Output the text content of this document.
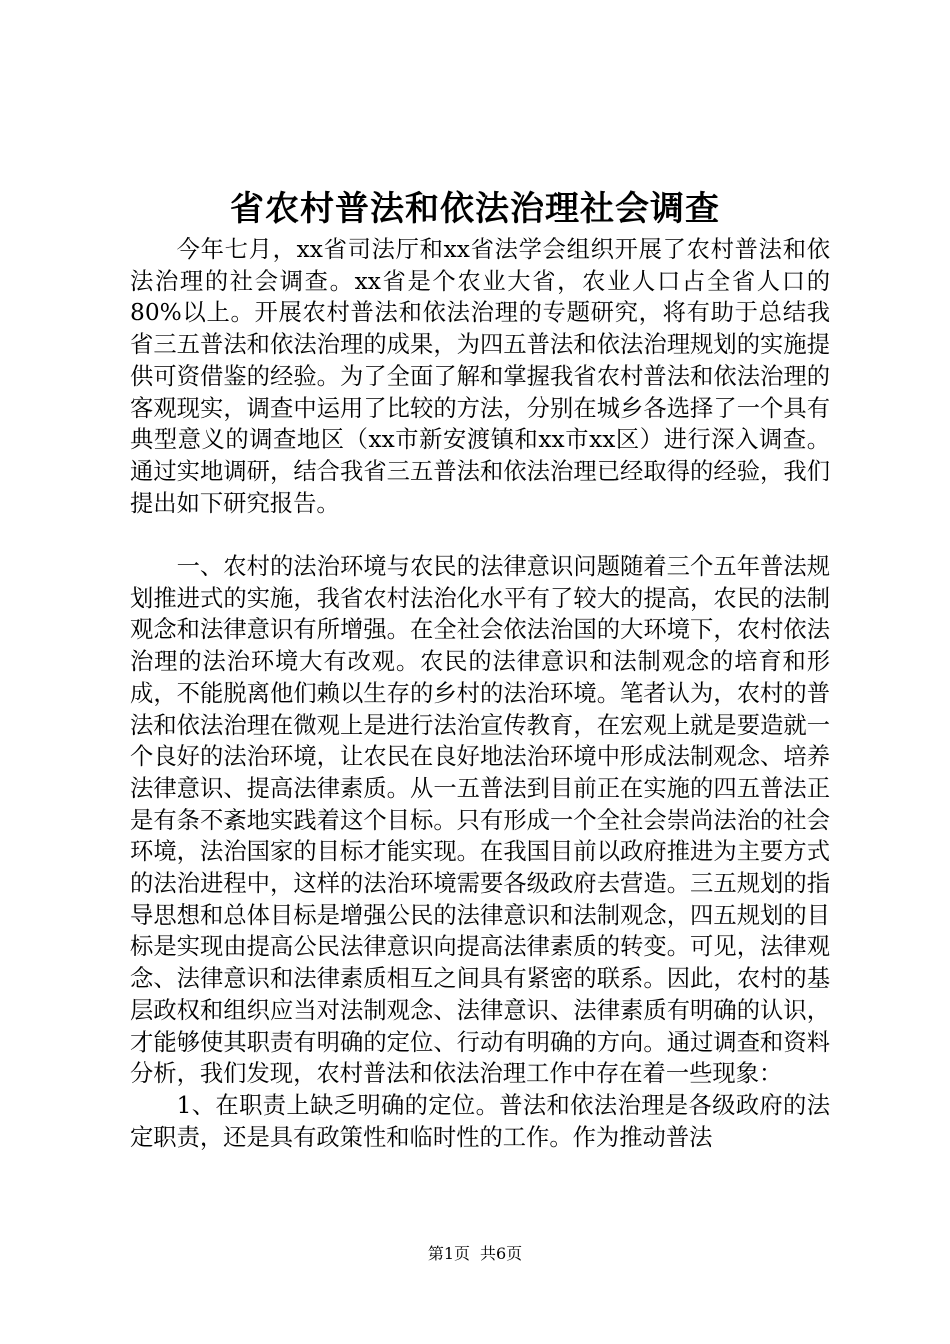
省农村普法和依法治理社会调查

今年七月，xx省司法厅和xx省法学会组织开展了农村普法和依法治理的社会调查。xx省是个农业大省，农业人口占全省人口的80%以上。开展农村普法和依法治理的专题研究，将有助于总结我省三五普法和依法治理的成果，为四五普法和依法治理规划的实施提供可资借鉴的经验。为了全面了解和掌握我省农村普法和依法治理的客观现实，调查中运用了比较的方法，分别在城乡各选择了一个具有典型意义的调查地区（xx市新安渡镇和xx市xx区）进行深入调查。通过实地调研，结合我省三五普法和依法治理已经取得的经验，我们提出如下研究报告。

一、农村的法治环境与农民的法律意识问题随着三个五年普法规划推进式的实施，我省农村法治化水平有了较大的提高，农民的法制观念和法律意识有所增强。在全社会依法治国的大环境下，农村依法治理的法治环境大有改观。农民的法律意识和法制观念的培育和形成，不能脱离他们赖以生存的乡村的法治环境。笔者认为，农村的普法和依法治理在微观上是进行法治宣传教育，在宏观上就是要造就一个良好的法治环境，让农民在良好地法治环境中形成法制观念、培养法律意识、提高法律素质。从一五普法到目前正在实施的四五普法正是有条不紊地实践着这个目标。只有形成一个全社会崇尚法治的社会环境，法治国家的目标才能实现。在我国目前以政府推进为主要方式的法治进程中，这样的法治环境需要各级政府去营造。三五规划的指导思想和总体目标是增强公民的法律意识和法制观念，四五规划的目标是实现由提高公民法律意识向提高法律素质的转变。可见，法律观念、法律意识和法律素质相互之间具有紧密的联系。因此，农村的基层政权和组织应当对法制观念、法律意识、法律素质有明确的认识，才能够使其职责有明确的定位、行动有明确的方向。通过调查和资料分析，我们发现，农村普法和依法治理工作中存在着一些现象：

1、在职责上缺乏明确的定位。普法和依法治理是各级政府的法定职责，还是具有政策性和临时性的工作。作为推动普法

第1页 共6页
